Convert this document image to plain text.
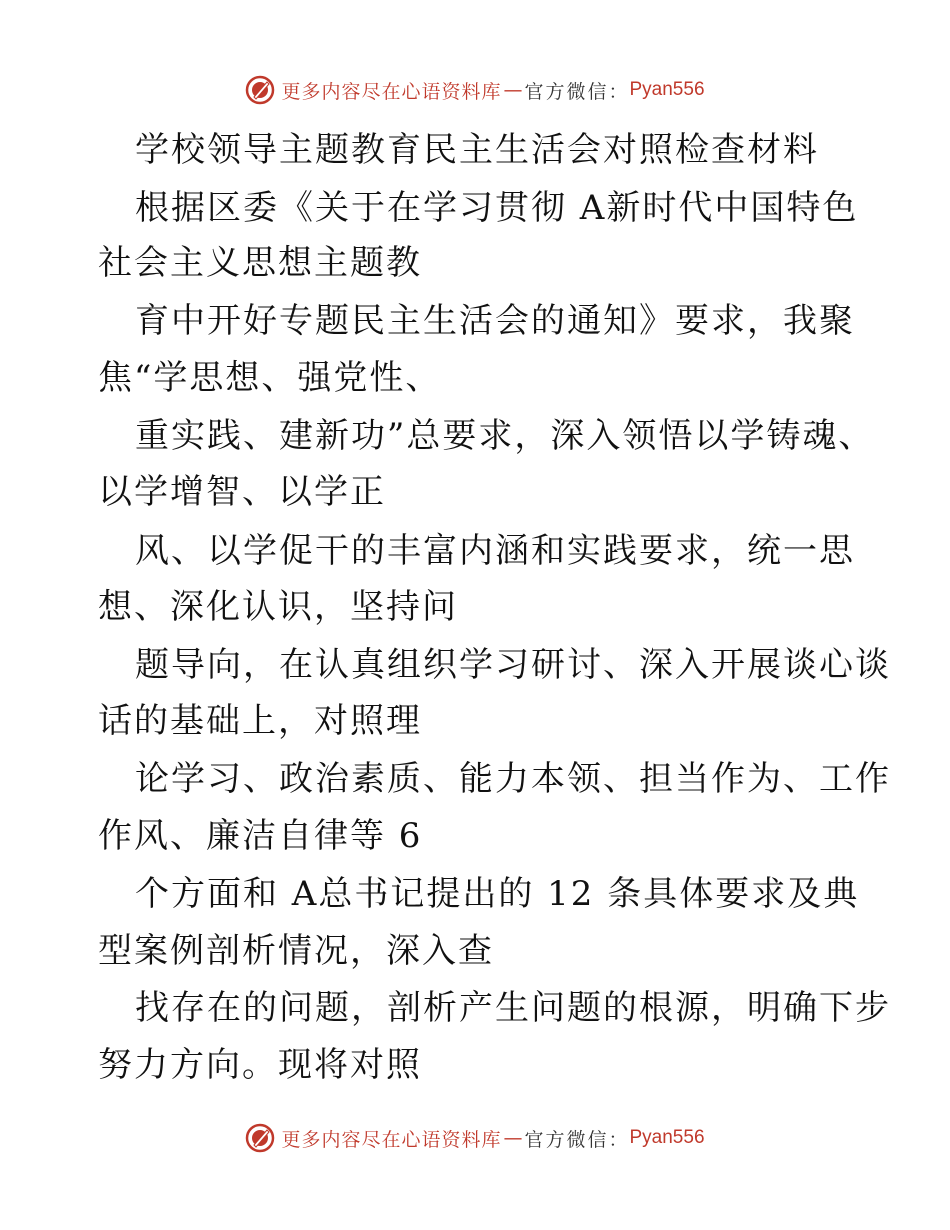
更多内容尽在心语资料库 — 官方微信： Pyan556
学校领导主题教育民主生活会对照检查材料
根据区委《关于在学习贯彻 A新时代中国特色
社会主义思想主题教
育中开好专题民主生活会的通知》要求，我聚
焦“学思想、强党性、
重实践、建新功”总要求，深入领悟以学铸魂、
以学增智、以学正
风、以学促干的丰富内涵和实践要求，统一思
想、深化认识，坚持问
题导向，在认真组织学习研讨、深入开展谈心谈
话的基础上，对照理
论学习、政治素质、能力本领、担当作为、工作
作风、廉洁自律等 6
个方面和 A总书记提出的 12 条具体要求及典
型案例剖析情况，深入查
找存在的问题，剖析产生问题的根源，明确下步
努力方向。现将对照
更多内容尽在心语资料库 — 官方微信： Pyan556
